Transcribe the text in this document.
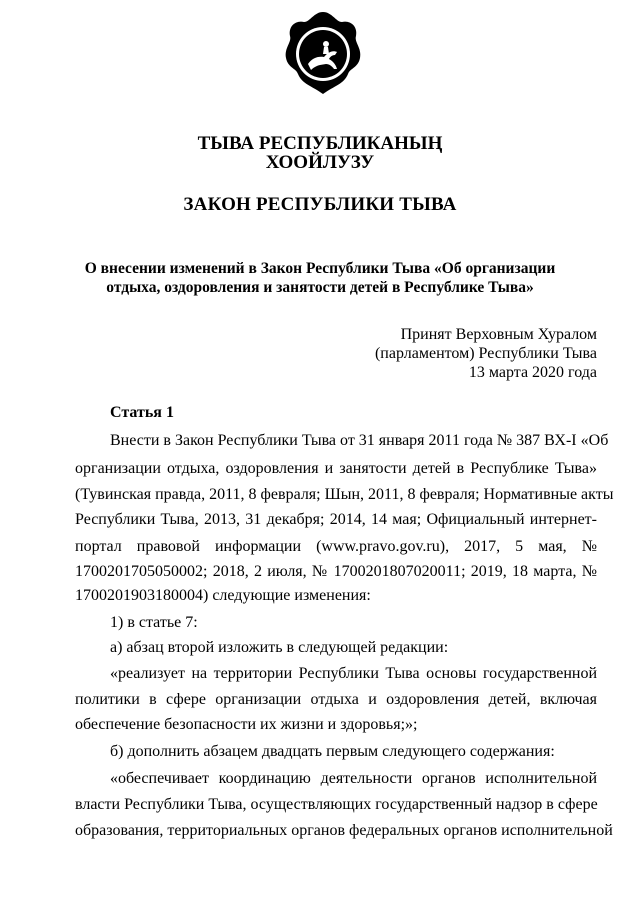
ТЫВА РЕСПУБЛИКАНЫҢ
ХООЙЛУЗУ
ЗАКОН РЕСПУБЛИКИ ТЫВА
О внесении изменений в Закон Республики Тыва «Об организации
отдыха, оздоровления и занятости детей в Республике Тыва»
Принят Верховным Хуралом
(парламентом) Республики Тыва
13 марта 2020 года
Статья 1
Внести в Закон Республики Тыва от 31 января 2011 года № 387 ВХ-I «Об
организации отдыха, оздоровления и занятости детей в Республике Тыва»
(Тувинская правда, 2011, 8 февраля; Шын, 2011, 8 февраля; Нормативные акты
Республики Тыва, 2013, 31 декабря; 2014, 14 мая; Официальный интернет-
портал правовой информации (www.pravo.gov.ru), 2017, 5 мая, №
1700201705050002; 2018, 2 июля, № 1700201807020011; 2019, 18 марта, №
1700201903180004) следующие изменения:
1) в статье 7:
а) абзац второй изложить в следующей редакции:
«реализует на территории Республики Тыва основы государственной
политики в сфере организации отдыха и оздоровления детей, включая
обеспечение безопасности их жизни и здоровья;»;
б) дополнить абзацем двадцать первым следующего содержания:
«обеспечивает координацию деятельности органов исполнительной
власти Республики Тыва, осуществляющих государственный надзор в сфере
образования, территориальных органов федеральных органов исполнительной
